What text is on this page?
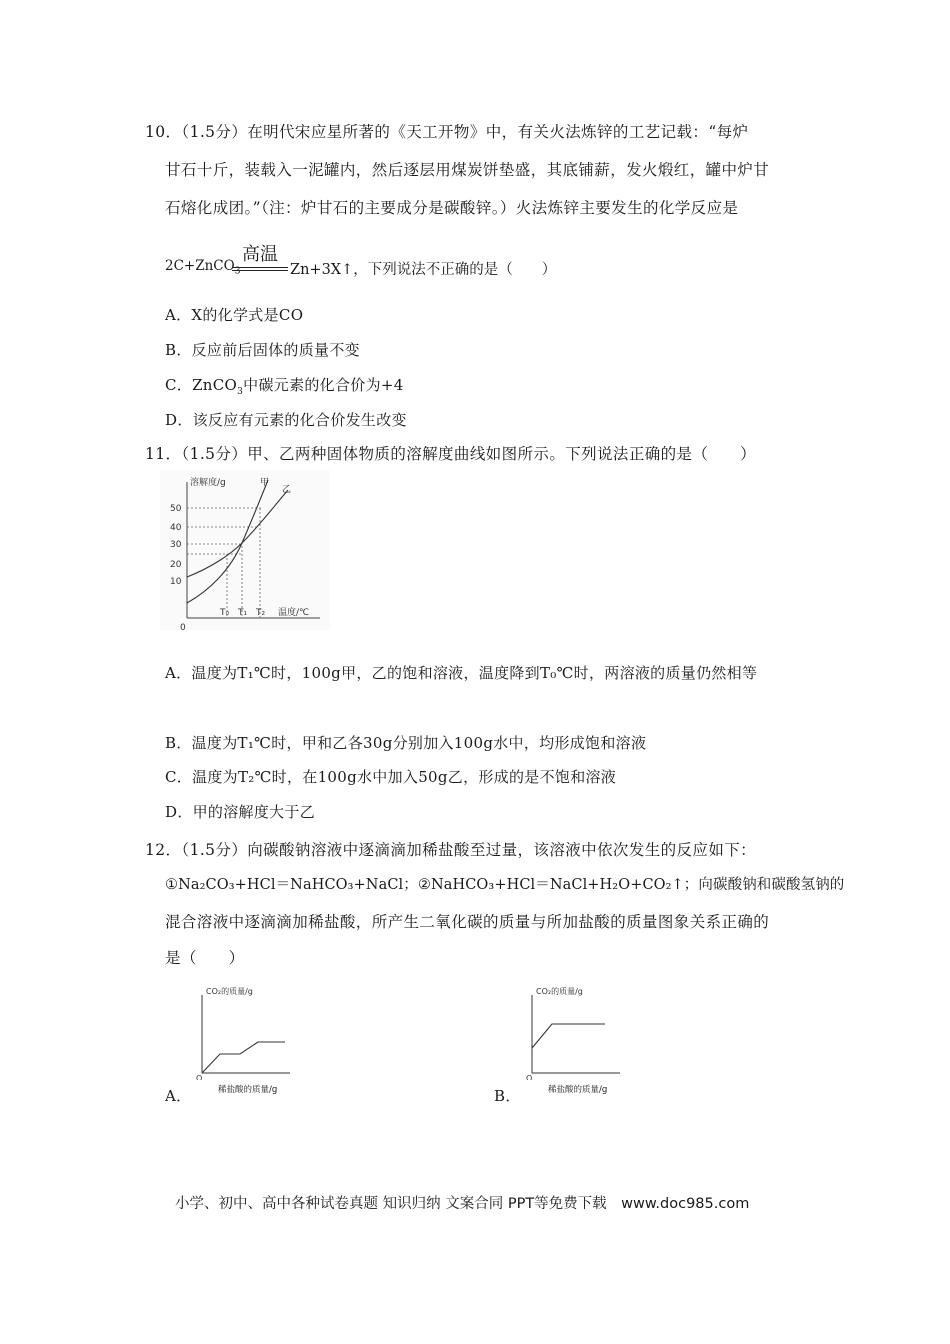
10．（1.5分）在明代宋应星所著的《天工开物》中，有关火法炼锌的工艺记载：“每炉
甘石十斤，装载入一泥罐内，然后逐层用煤炭饼垫盛，其底铺薪，发火煅红，罐中炉甘
石熔化成团。”（注：炉甘石的主要成分是碳酸锌。）火法炼锌主要发生的化学反应是
2C+ZnCO$_3$
高温
Zn+3X↑，下列说法不正确的是（　　）
A．X的化学式是CO
B．反应前后固体的质量不变
C．ZnCO$_3$中碳元素的化合价为+4
D．该反应有元素的化合价发生改变
11．（1.5分）甲、乙两种固体物质的溶解度曲线如图所示。下列说法正确的是（　　）
溶解度/g	甲
乙
50
40
30
20
10
0
T₀ T₁ T₂ 温度/℃
A．温度为T₁℃时，100g甲，乙的饱和溶液，温度降到T₀℃时，两溶液的质量仍然相等
B．温度为T₁℃时，甲和乙各30g分别加入100g水中，均形成饱和溶液
C．温度为T₂℃时，在100g水中加入50g乙，形成的是不饱和溶液
D．甲的溶解度大于乙
12．（1.5分）向碳酸钠溶液中逐滴滴加稀盐酸至过量，该溶液中依次发生的反应如下：
①Na₂CO₃+HCl＝NaHCO₃+NaCl；②NaHCO₃+HCl＝NaCl+H₂O+CO₂↑；向碳酸钠和碳酸氢钠的
混合溶液中逐滴滴加稀盐酸，所产生二氧化碳的质量与所加盐酸的质量图象关系正确的
是（　　）
CO₂的质量/g
O
稀盐酸的质量/g
A．
CO₂的质量/g
O
稀盐酸的质量/g
B．
小学、初中、高中各种试卷真题 知识归纳 文案合同 PPT等免费下载　www.doc985.com
